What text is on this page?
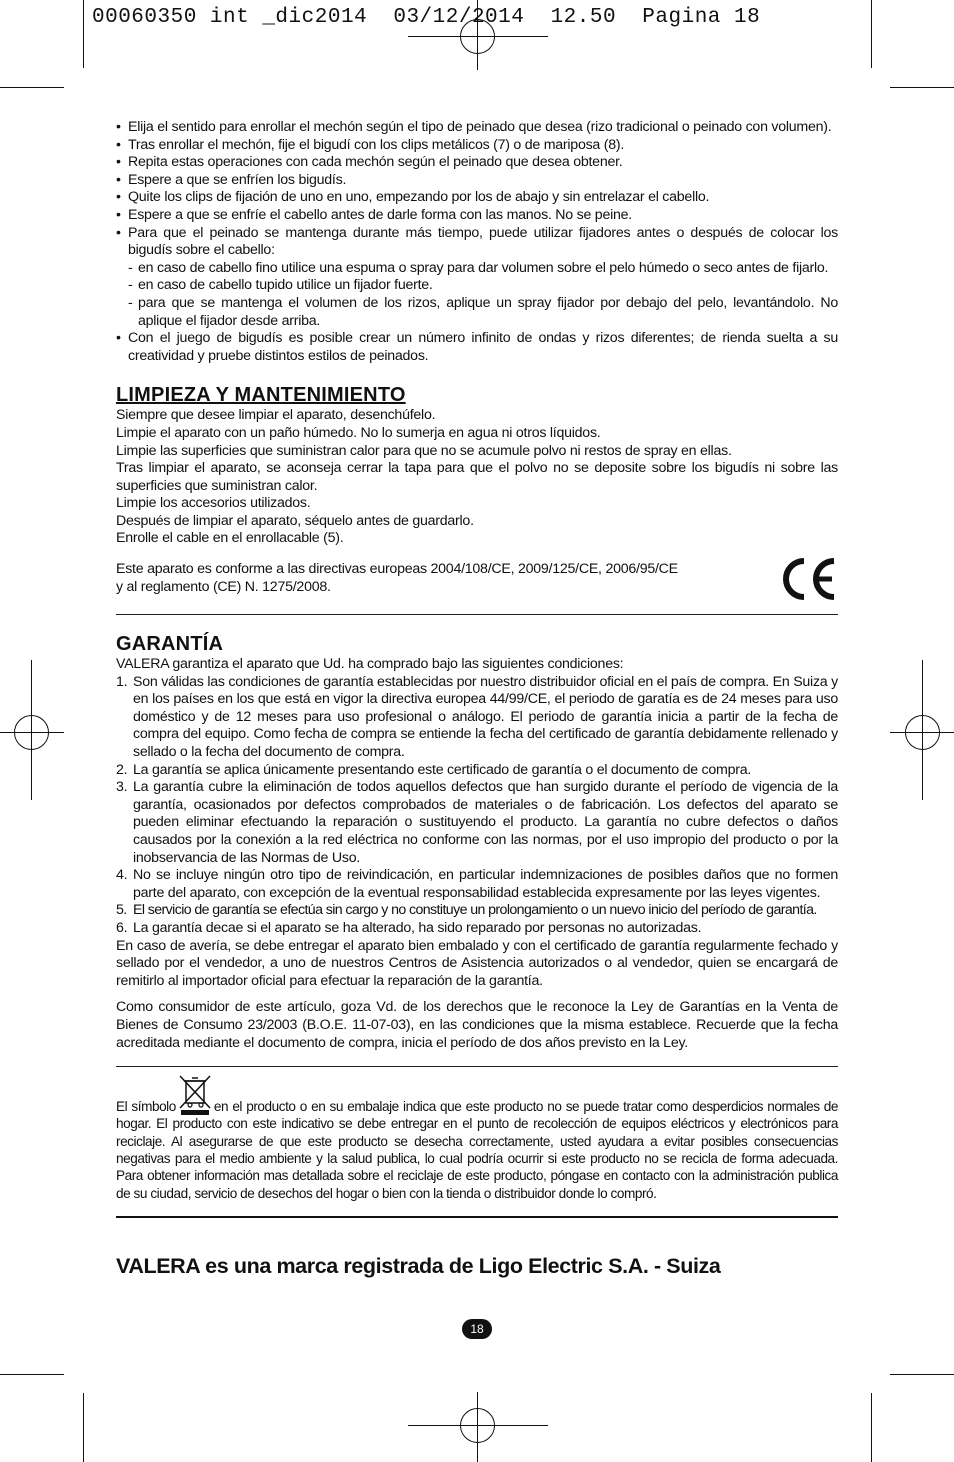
00060350 int _dic2014  03/12/2014  12.50  Pagina 18
• Elija el sentido para enrollar el mechón según el tipo de peinado que desea (rizo tradicional o peinado con volumen).
• Tras enrollar el mechón, fije el bigudí con los clips metálicos (7) o de mariposa (8).
• Repita estas operaciones con cada mechón según el peinado que desea obtener.
• Espere a que se enfríen los bigudís.
• Quite los clips de fijación de uno en uno, empezando por los de abajo y sin entrelazar el cabello.
• Espere a que se enfríe el cabello antes de darle forma con las manos. No se peine.
• Para que el peinado se mantenga durante más tiempo, puede utilizar fijadores antes o después de colocar los bigudís sobre el cabello:
- en caso de cabello fino utilice una espuma o spray para dar volumen sobre el pelo húmedo o seco antes de fijarlo.
- en caso de cabello tupido utilice un fijador fuerte.
- para que se mantenga el volumen de los rizos, aplique un spray fijador por debajo del pelo, levantándolo. No aplique el fijador desde arriba.
• Con el juego de bigudís es posible crear un número infinito de ondas y rizos diferentes; de rienda suelta a su creatividad y pruebe distintos estilos de peinados.
LIMPIEZA Y MANTENIMIENTO

Siempre que desee limpiar el aparato, desenchúfelo.

Limpie el aparato con un paño húmedo. No lo sumerja en agua ni otros líquidos.

Limpie las superficies que suministran calor para que no se acumule polvo ni restos de spray en ellas.

Tras limpiar el aparato, se aconseja cerrar la tapa para que el polvo no se deposite sobre los bigudís ni sobre las superficies que suministran calor.

Limpie los accesorios utilizados.

Después de limpiar el aparato, séquelo antes de guardarlo.

Enrolle el cable en el enrollacable (5).

Este aparato es conforme a las directivas europeas 2004/108/CE, 2009/125/CE, 2006/95/CE

y al reglamento (CE) N. 1275/2008.

GARANTÍA

VALERA garantiza el aparato que Ud. ha comprado bajo las siguientes condiciones:

1. Son válidas las condiciones de garantía establecidas por nuestro distribuidor oficial en el país de compra. En Suiza y en los países en los que está en vigor la directiva europea 44/99/CE, el periodo de garatía es de 24 meses para uso doméstico y de 12 meses para uso profesional o análogo. El periodo de garantía inicia a partir de la fecha de compra del equipo. Como fecha de compra se entiende la fecha del certificado de garantía debidamente rellenado y sellado o la fecha del documento de compra.
2. La garantía se aplica únicamente presentando este certificado de garantía o el documento de compra.
3. La garantía cubre la eliminación de todos aquellos defectos que han surgido durante el período de vigencia de la garantía, ocasionados por defectos comprobados de materiales o de fabricación. Los defectos del aparato se pueden eliminar efectuando la reparación o sustituyendo el producto. La garantía no cubre defectos o daños causados por la conexión a la red eléctrica no conforme con las normas, por el uso impropio del producto o por la inobservancia de las Normas de Uso.
4. No se incluye ningún otro tipo de reivindicación, en particular indemnizaciones de posibles daños que no formen parte del aparato, con excepción de la eventual responsabilidad establecida expresamente por las leyes vigentes.
5. El servicio de garantía se efectúa sin cargo y no constituye un prolongamiento o un nuevo inicio del período de garantía.
6. La garantía decae si el aparato se ha alterado, ha sido reparado por personas no autorizadas.

En caso de avería, se debe entregar el aparato bien embalado y con el certificado de garantía regularmente fechado y sellado por el vendedor, a uno de nuestros Centros de Asistencia autorizados o al vendedor, quien se encargará de remitirlo al importador oficial para efectuar la reparación de la garantía.

Como consumidor de este artículo, goza Vd. de los derechos que le reconoce la Ley de Garantías en la Venta de Bienes de Consumo 23/2003 (B.O.E. 11-07-03), en las condiciones que la misma establece. Recuerde que la fecha acreditada mediante el documento de compra, inicia el período de dos años previsto en la Ley.

El símbolo	en el producto o en su embalaje indica que este producto no se puede tratar como desperdicios normales de hogar. El producto con este indicativo se debe entregar en el punto de recolección de equipos eléctricos y electrónicos para reciclaje. Al asegurarse de que este producto se desecha correctamente, usted ayudara a evitar posibles consecuencias negativas para el medio ambiente y la salud publica, lo cual podría ocurrir si este producto no se recicla de forma adecuada. Para obtener información mas detallada sobre el reciclaje de este producto, póngase en contacto con la administración publica de su ciudad, servicio de desechos del hogar o bien con la tienda o distribuidor donde lo compró.

VALERA es una marca registrada de Ligo Electric S.A. - Suiza
18
